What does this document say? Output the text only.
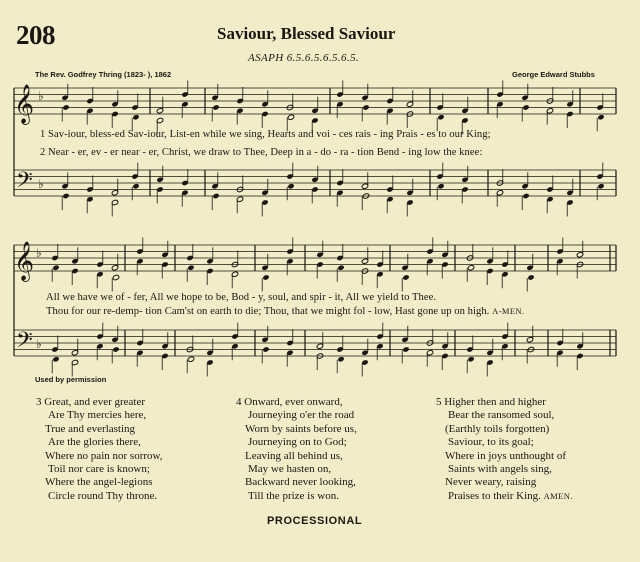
208	Saviour, Blessed Saviour
ASAPH 6.5.6.5.6.5.6.5.
The Rev. Godfrey Thring (1823- ), 1862	George Edward Stubbs
𝄞
𝄢
♭
♭
𝄞
𝄢
♭
♭
1 Sav-iour, bless-ed Sav-iour, List-en while we sing, Hearts and voi - ces rais - ing Prais - es to our King;
2 Near - er, ev - er near - er, Christ, we draw to Thee, Deep in a - do - ra - tion Bend - ing low the knee:
All we have we of - fer, All we hope to be, Bod - y, soul, and spir - it, All we yield to Thee.
Thou for our re-demp- tion Cam'st on earth to die; Thou, that we might fol - low, Hast gone up on high. A-MEN.
Used by permission
3 Great, and ever greater
Are Thy mercies here,
True and everlasting
Are the glories there,
Where no pain nor sorrow,
Toil nor care is known;
Where the angel-legions
Circle round Thy throne.
4 Onward, ever onward,
Journeying o'er the road
Worn by saints before us,
Journeying on to God;
Leaving all behind us,
May we hasten on,
Backward never looking,
Till the prize is won.
5 Higher then and higher
Bear the ransomed soul,
(Earthly toils forgotten)
Saviour, to its goal;
Where in joys unthought of
Saints with angels sing,
Never weary, raising
Praises to their King. AMEN.
PROCESSIONAL
